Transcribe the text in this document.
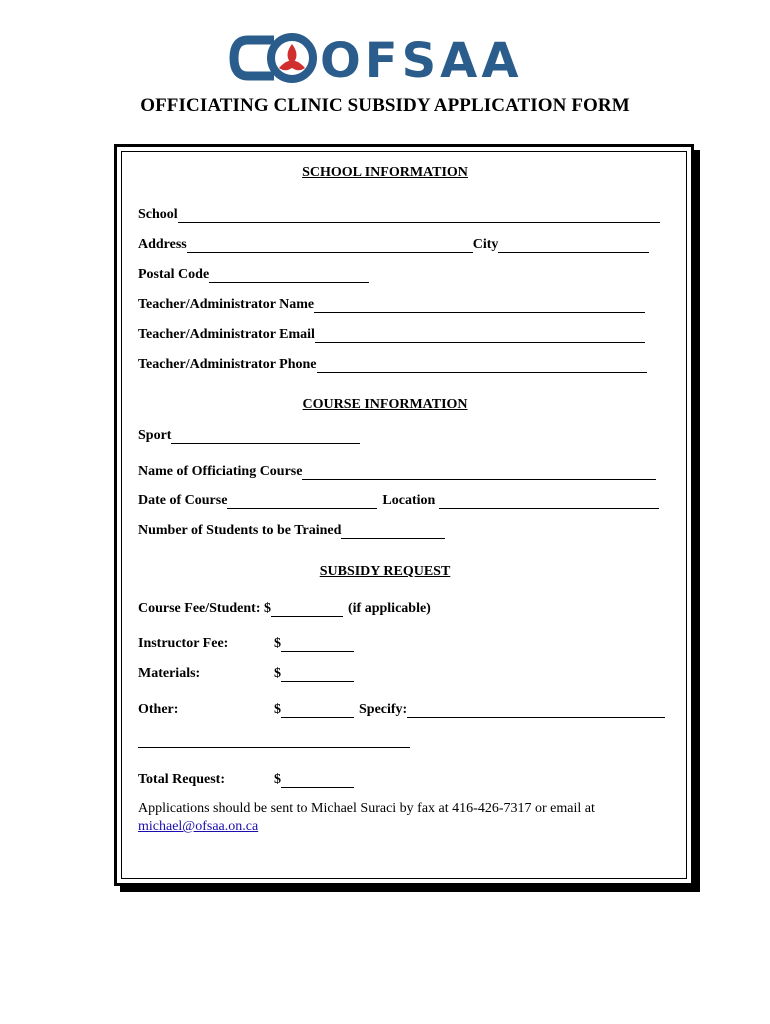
OFSAA
OFFICIATING CLINIC SUBSIDY APPLICATION FORM
SCHOOL INFORMATION
School
Address	City
Postal Code
Teacher/Administrator Name
Teacher/Administrator Email
Teacher/Administrator Phone
COURSE INFORMATION
Sport
Name of Officiating Course
Date of Course	Location
Number of Students to be Trained
SUBSIDY REQUEST
Course Fee/Student: $	(if applicable)
Instructor Fee:	$
Materials:	$
Other:	$	Specify:
Total Request:	$
Applications should be sent to Michael Suraci by fax at 416-426-7317 or email at
michael@ofsaa.on.ca
